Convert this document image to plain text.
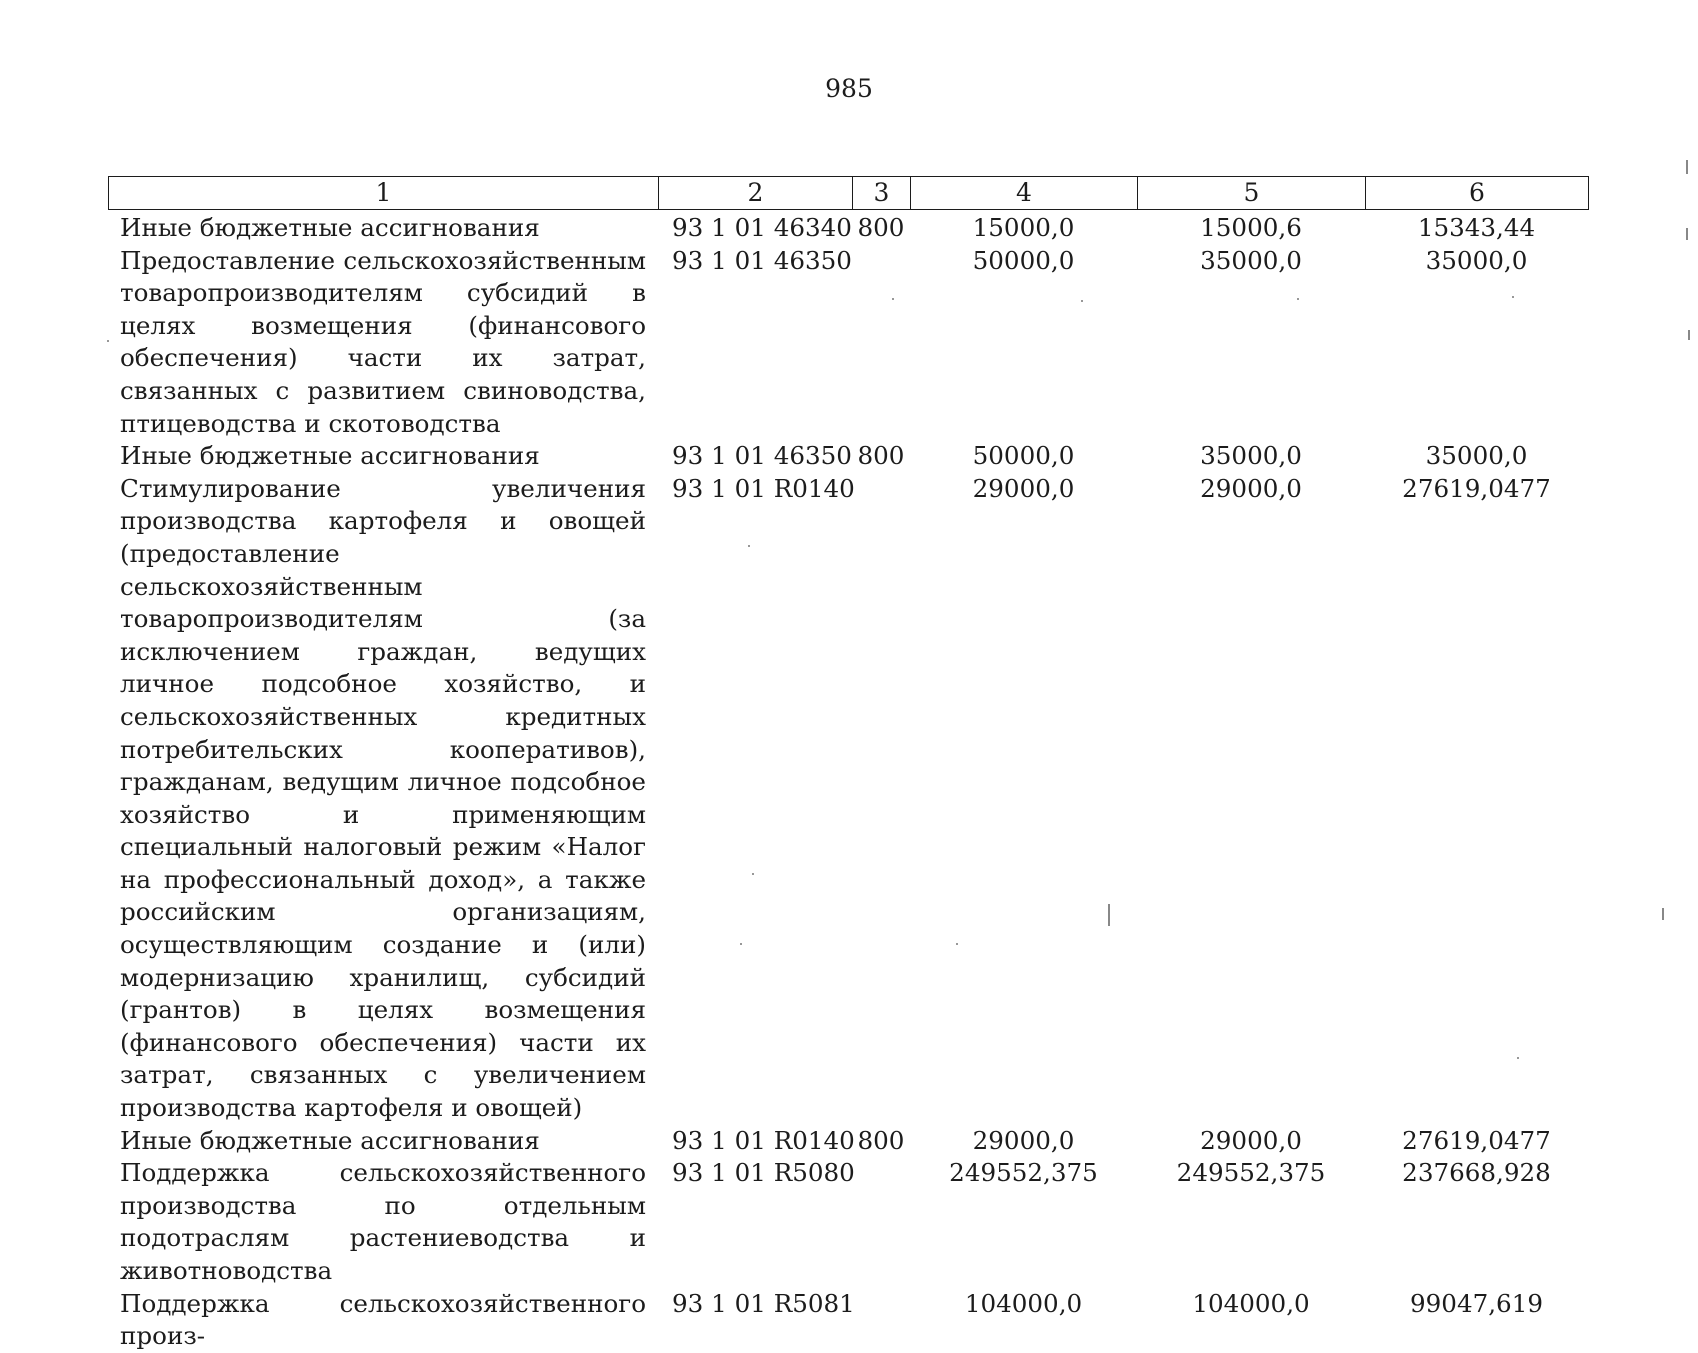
985
1	2	3	4	5	6
Иные бюджетные ассигнования	93 1 01 46340	800	15000,0	15000,6	15343,44
Предоставление сельскохозяйственным товаропроизводителям субсидий в целях возмещения (финансового обеспечения) части их затрат, связанных с развитием свиноводства, птицеводства и скотоводства	93 1 01 46350		50000,0	35000,0	35000,0
Иные бюджетные ассигнования	93 1 01 46350	800	50000,0	35000,0	35000,0
Стимулирование увеличения производства картофеля и овощей (предоставление сельскохозяйственным товаропроизводителям (за исключением граждан, ведущих личное подсобное хозяйство, и сельскохозяйственных кредитных потребительских кооперативов), гражданам, ведущим личное подсобное хозяйство и применяющим специальный налоговый режим «Налог на профессиональный доход», а также российским организациям, осуществляющим создание и (или) модернизацию хранилищ, субсидий (грантов) в целях возмещения (финансового обеспечения) части их затрат, связанных с увеличением производства картофеля и овощей)	93 1 01 R0140		29000,0	29000,0	27619,0477
Иные бюджетные ассигнования	93 1 01 R0140	800	29000,0	29000,0	27619,0477
Поддержка сельскохозяйственного производства по отдельным подотраслям растениеводства и животноводства	93 1 01 R5080		249552,375	249552,375	237668,928
Поддержка сельскохозяйственного произ-	93 1 01 R5081		104000,0	104000,0	99047,619
